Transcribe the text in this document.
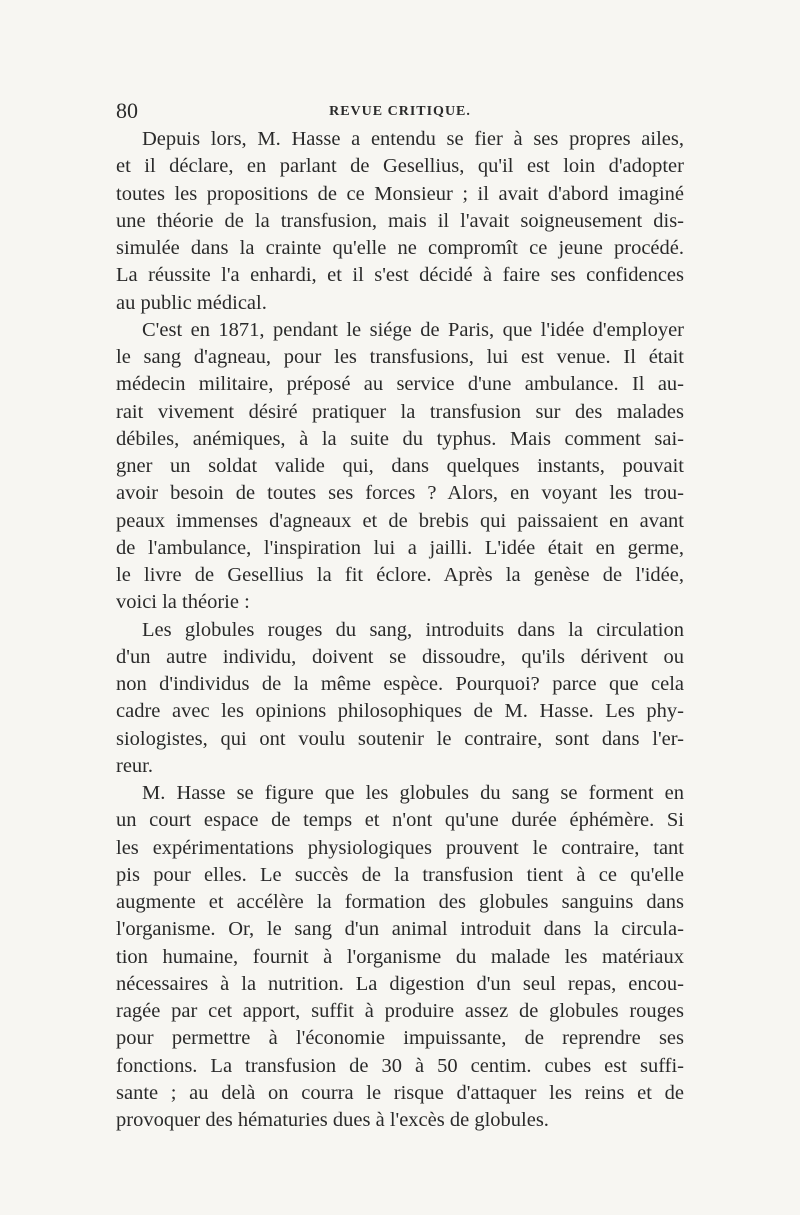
80	REVUE CRITIQUE.
Depuis lors, M. Hasse a entendu se fier à ses propres ailes,
et il déclare, en parlant de Gesellius, qu'il est loin d'adopter
toutes les propositions de ce Monsieur ; il avait d'abord imaginé
une théorie de la transfusion, mais il l'avait soigneusement dis-
simulée dans la crainte qu'elle ne compromît ce jeune procédé.
La réussite l'a enhardi, et il s'est décidé à faire ses confidences
au public médical.
C'est en 1871, pendant le siége de Paris, que l'idée d'employer
le sang d'agneau, pour les transfusions, lui est venue. Il était
médecin militaire, préposé au service d'une ambulance. Il au-
rait vivement désiré pratiquer la transfusion sur des malades
débiles, anémiques, à la suite du typhus. Mais comment sai-
gner un soldat valide qui, dans quelques instants, pouvait
avoir besoin de toutes ses forces ? Alors, en voyant les trou-
peaux immenses d'agneaux et de brebis qui paissaient en avant
de l'ambulance, l'inspiration lui a jailli. L'idée était en germe,
le livre de Gesellius la fit éclore. Après la genèse de l'idée,
voici la théorie :
Les globules rouges du sang, introduits dans la circulation
d'un autre individu, doivent se dissoudre, qu'ils dérivent ou
non d'individus de la même espèce. Pourquoi? parce que cela
cadre avec les opinions philosophiques de M. Hasse. Les phy-
siologistes, qui ont voulu soutenir le contraire, sont dans l'er-
reur.
M. Hasse se figure que les globules du sang se forment en
un court espace de temps et n'ont qu'une durée éphémère. Si
les expérimentations physiologiques prouvent le contraire, tant
pis pour elles. Le succès de la transfusion tient à ce qu'elle
augmente et accélère la formation des globules sanguins dans
l'organisme. Or, le sang d'un animal introduit dans la circula-
tion humaine, fournit à l'organisme du malade les matériaux
nécessaires à la nutrition. La digestion d'un seul repas, encou-
ragée par cet apport, suffit à produire assez de globules rouges
pour permettre à l'économie impuissante, de reprendre ses
fonctions. La transfusion de 30 à 50 centim. cubes est suffi-
sante ; au delà on courra le risque d'attaquer les reins et de
provoquer des hématuries dues à l'excès de globules.
